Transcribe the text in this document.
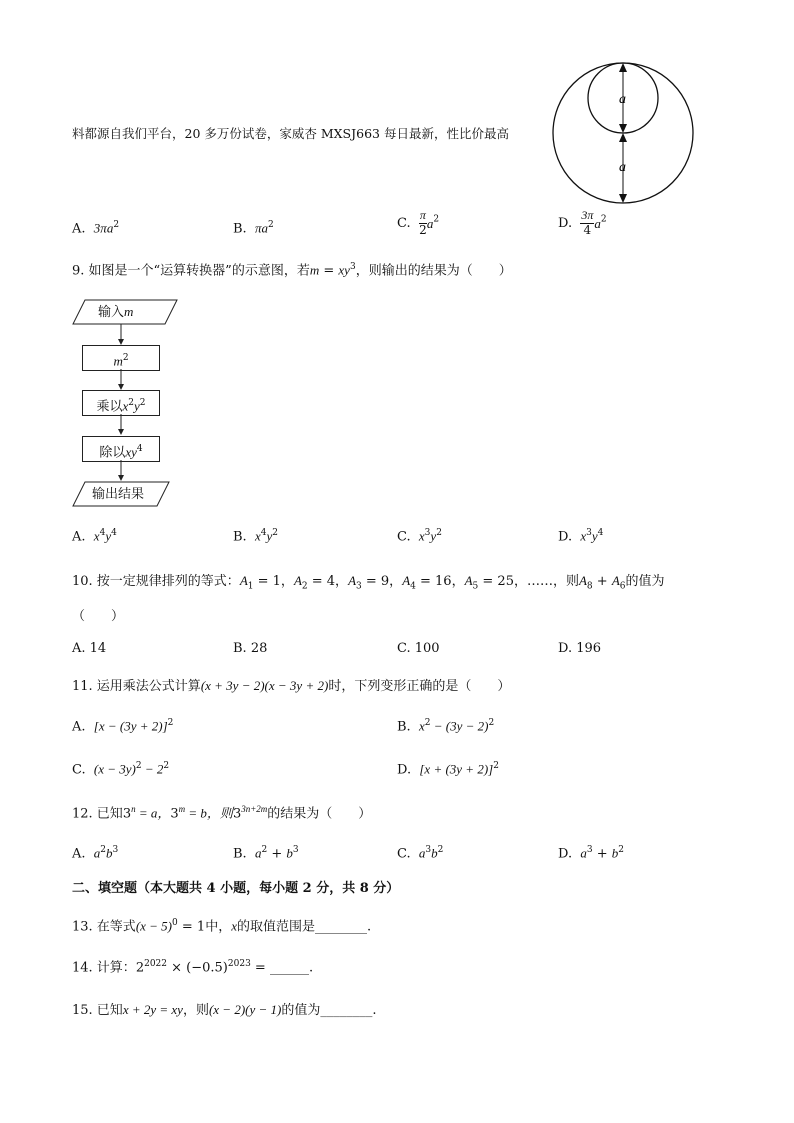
料都源自我们平台，20 多万份试卷，家威杏 MXSJ663 每日最新，性比价最高
a
a
A. $3\pi a^2$	B. $\pi a^2$	C. $\frac{\pi}{2} a^2$	D. $\frac{3\pi}{4} a^2$
9. 如图是一个“运算转换器”的示意图，若$m = xy^3$，则输出的结果为（　　）
输入m
$m^2$
乘以$x^2y^2$
除以$xy^4$
输出结果
A. $x^4y^4$	B. $x^4y^2$	C. $x^3y^2$	D. $x^3y^4$
10. 按一定规律排列的等式：$A_1 = 1$，$A_2 = 4$，$A_3 = 9$，$A_4 = 16$，$A_5 = 25$，……，则$A_8 + A_6$的值为
（　　）
A. 14	B. 28	C. 100	D. 196
11. 运用乘法公式计算(x + 3y − 2)(x − 3y + 2)时，下列变形正确的是（　　）
A. $[x - (3y + 2)]^2$	B. $x^2 - (3y - 2)^2$
C. $(x - 3y)^2 - 2^2$	D. $[x + (3y + 2)]^2$
12. 已知$3^n = a$，$3^m = b$，则$3^{3n+2m}$的结果为（　　）
A. $a^2b^3$	B. $a^2 + b^3$	C. $a^3b^2$	D. $a^3 + b^2$
二、填空题（本大题共 4 小题，每小题 2 分，共 8 分）
13. 在等式$(x - 5)^0 = 1$中，x的取值范围是________.
14. 计算：$2^{2022} \times (-0.5)^{2023}$ = ______.
15. 已知x + 2y = xy，则(x − 2)(y − 1)的值为________.
